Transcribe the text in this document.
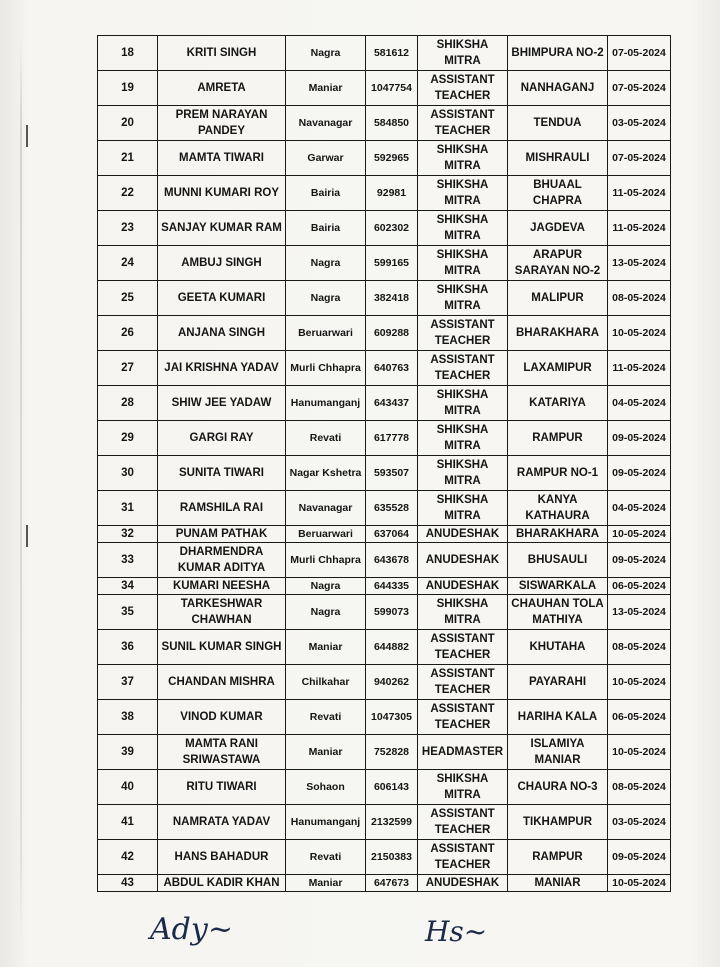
18	KRITI SINGH	Nagra	581612	SHIKSHA MITRA	BHIMPURA NO-2	07-05-2024
19	AMRETA	Maniar	1047754	ASSISTANT TEACHER	NANHAGANJ	07-05-2024
20	PREM NARAYAN PANDEY	Navanagar	584850	ASSISTANT TEACHER	TENDUA	03-05-2024
21	MAMTA TIWARI	Garwar	592965	SHIKSHA MITRA	MISHRAULI	07-05-2024
22	MUNNI KUMARI ROY	Bairia	92981	SHIKSHA MITRA	BHUAAL CHAPRA	11-05-2024
23	SANJAY KUMAR RAM	Bairia	602302	SHIKSHA MITRA	JAGDEVA	11-05-2024
24	AMBUJ SINGH	Nagra	599165	SHIKSHA MITRA	ARAPUR SARAYAN NO-2	13-05-2024
25	GEETA KUMARI	Nagra	382418	SHIKSHA MITRA	MALIPUR	08-05-2024
26	ANJANA SINGH	Beruarwari	609288	ASSISTANT TEACHER	BHARAKHARA	10-05-2024
27	JAI KRISHNA YADAV	Murli Chhapra	640763	ASSISTANT TEACHER	LAXAMIPUR	11-05-2024
28	SHIW JEE YADAW	Hanumanganj	643437	SHIKSHA MITRA	KATARIYA	04-05-2024
29	GARGI RAY	Revati	617778	SHIKSHA MITRA	RAMPUR	09-05-2024
30	SUNITA TIWARI	Nagar Kshetra	593507	SHIKSHA MITRA	RAMPUR NO-1	09-05-2024
31	RAMSHILA RAI	Navanagar	635528	SHIKSHA MITRA	KANYA KATHAURA	04-05-2024
32	PUNAM PATHAK	Beruarwari	637064	ANUDESHAK	BHARAKHARA	10-05-2024
33	DHARMENDRA KUMAR ADITYA	Murli Chhapra	643678	ANUDESHAK	BHUSAULI	09-05-2024
34	KUMARI NEESHA	Nagra	644335	ANUDESHAK	SISWARKALA	06-05-2024
35	TARKESHWAR CHAWHAN	Nagra	599073	SHIKSHA MITRA	CHAUHAN TOLA MATHIYA	13-05-2024
36	SUNIL KUMAR SINGH	Maniar	644882	ASSISTANT TEACHER	KHUTAHA	08-05-2024
37	CHANDAN MISHRA	Chilkahar	940262	ASSISTANT TEACHER	PAYARAHI	10-05-2024
38	VINOD KUMAR	Revati	1047305	ASSISTANT TEACHER	HARIHA KALA	06-05-2024
39	MAMTA RANI SRIWASTAWA	Maniar	752828	HEADMASTER	ISLAMIYA MANIAR	10-05-2024
40	RITU TIWARI	Sohaon	606143	SHIKSHA MITRA	CHAURA NO-3	08-05-2024
41	NAMRATA YADAV	Hanumanganj	2132599	ASSISTANT TEACHER	TIKHAMPUR	03-05-2024
42	HANS BAHADUR	Revati	2150383	ASSISTANT TEACHER	RAMPUR	09-05-2024
43	ABDUL KADIR KHAN	Maniar	647673	ANUDESHAK	MANIAR	10-05-2024
Ady~	Hs~
